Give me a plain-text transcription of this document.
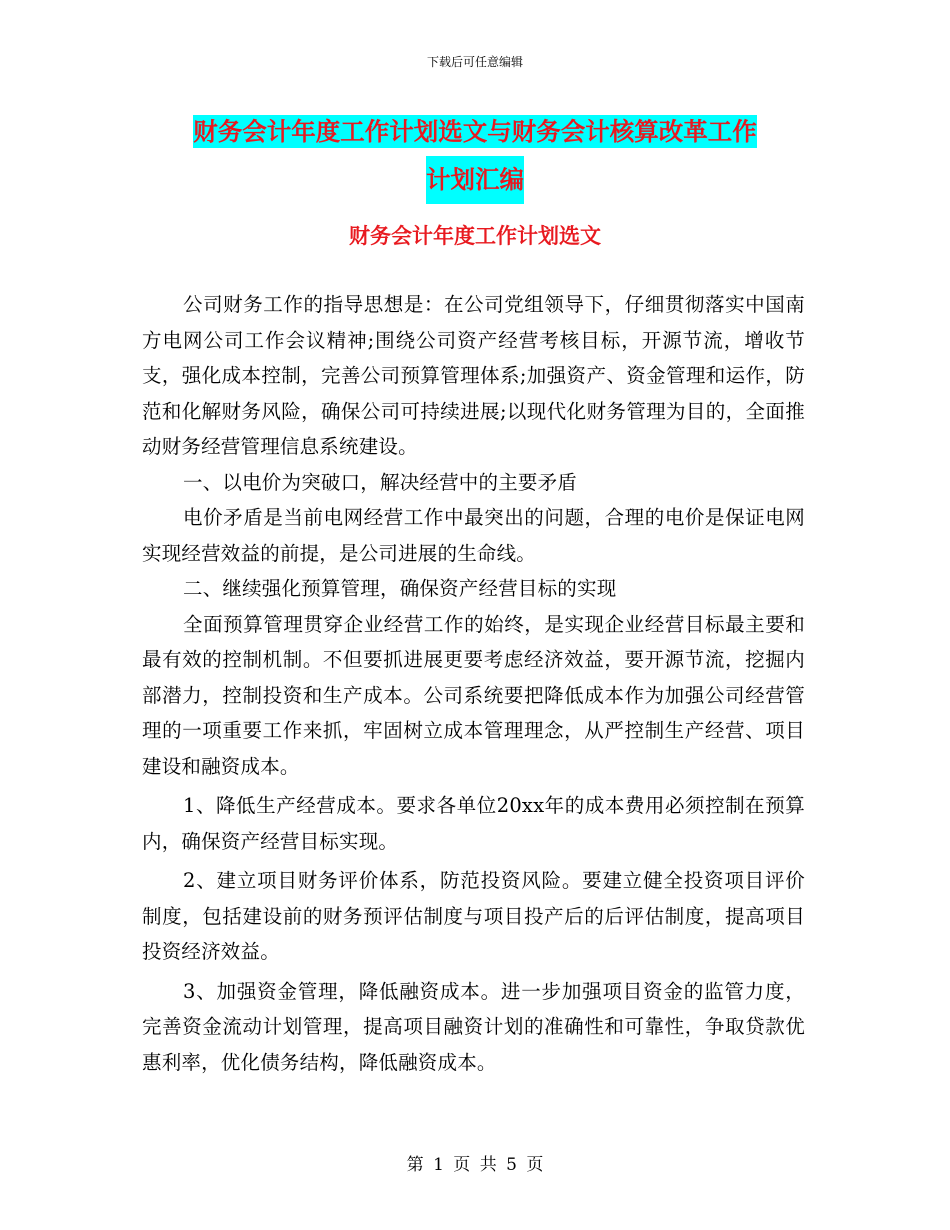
下载后可任意编辑
财务会计年度工作计划选文与财务会计核算改革工作
计划汇编
财务会计年度工作计划选文

公司财务工作的指导思想是：在公司党组领导下，仔细贯彻落实中国南方电网公司工作会议精神;围绕公司资产经营考核目标，开源节流，增收节支，强化成本控制，完善公司预算管理体系;加强资产、资金管理和运作，防范和化解财务风险，确保公司可持续进展;以现代化财务管理为目的，全面推动财务经营管理信息系统建设。

一、以电价为突破口，解决经营中的主要矛盾

电价矛盾是当前电网经营工作中最突出的问题，合理的电价是保证电网实现经营效益的前提，是公司进展的生命线。

二、继续强化预算管理，确保资产经营目标的实现

全面预算管理贯穿企业经营工作的始终，是实现企业经营目标最主要和最有效的控制机制。不但要抓进展更要考虑经济效益，要开源节流，挖掘内部潜力，控制投资和生产成本。公司系统要把降低成本作为加强公司经营管理的一项重要工作来抓，牢固树立成本管理理念，从严控制生产经营、项目建设和融资成本。

1、降低生产经营成本。要求各单位20xx年的成本费用必须控制在预算内，确保资产经营目标实现。

2、建立项目财务评价体系，防范投资风险。要建立健全投资项目评价制度，包括建设前的财务预评估制度与项目投产后的后评估制度，提高项目投资经济效益。

3、加强资金管理，降低融资成本。进一步加强项目资金的监管力度，完善资金流动计划管理，提高项目融资计划的准确性和可靠性，争取贷款优惠利率，优化债务结构，降低融资成本。

第 1 页 共 5 页
